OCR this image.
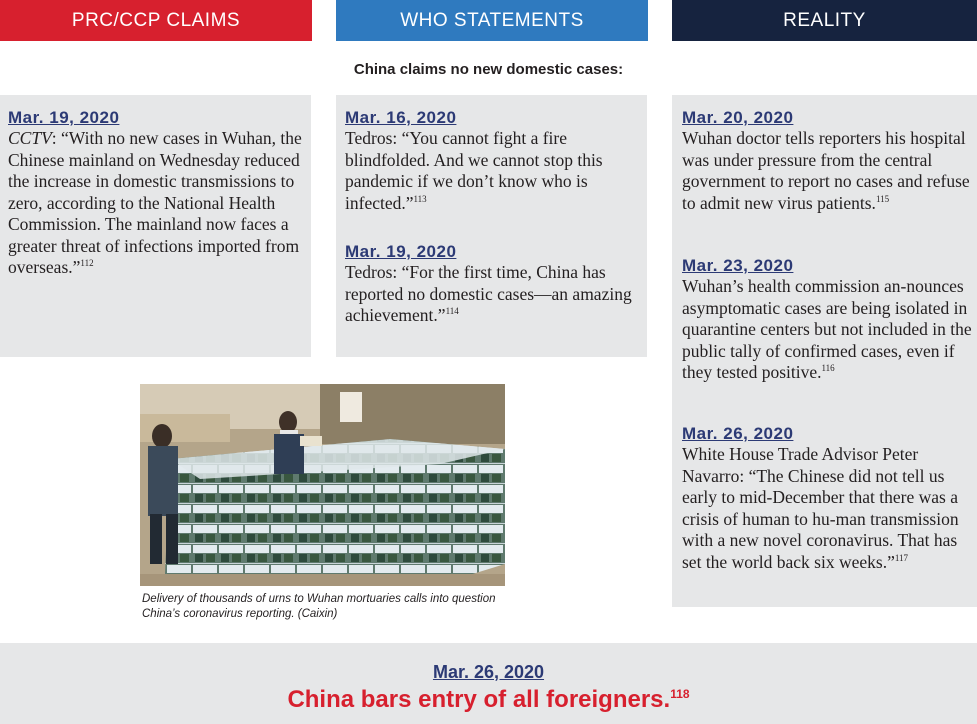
PRC/CCP CLAIMS	WHO STATEMENTS	REALITY
China claims no new domestic cases:
Mar. 19, 2020
CCTV: “With no new cases in Wuhan, the Chinese mainland on Wednesday reduced the increase in domestic transmissions to zero, according to the National Health Commission. The mainland now faces a greater threat of infections imported from overseas.”$^{112}$
Mar. 16, 2020
Tedros: “You cannot fight a fire blindfolded. And we cannot stop this pandemic if we don’t know who is infected.”$^{113}$
Mar. 19, 2020
Tedros: “For the first time, China has reported no domestic cases—an amazing achievement.”$^{114}$
Mar. 20, 2020
Wuhan doctor tells reporters his hospital was under pressure from the central government to report no cases and refuse to admit new virus patients.$^{115}$
Mar. 23, 2020
Wuhan’s health commission an-nounces asymptomatic cases are being isolated in quarantine centers but not included in the public tally of confirmed cases, even if they tested positive.$^{116}$
Mar. 26, 2020
White House Trade Advisor Peter Navarro: “The Chinese did not tell us early to mid-December that there was a crisis of human to hu-man transmission with a new novel coronavirus. That has set the world back six weeks.”$^{117}$
Delivery of thousands of urns to Wuhan mortuaries calls into question China’s coronavirus reporting. (Caixin)
Mar. 26, 2020
China bars entry of all foreigners.$^{118}$
